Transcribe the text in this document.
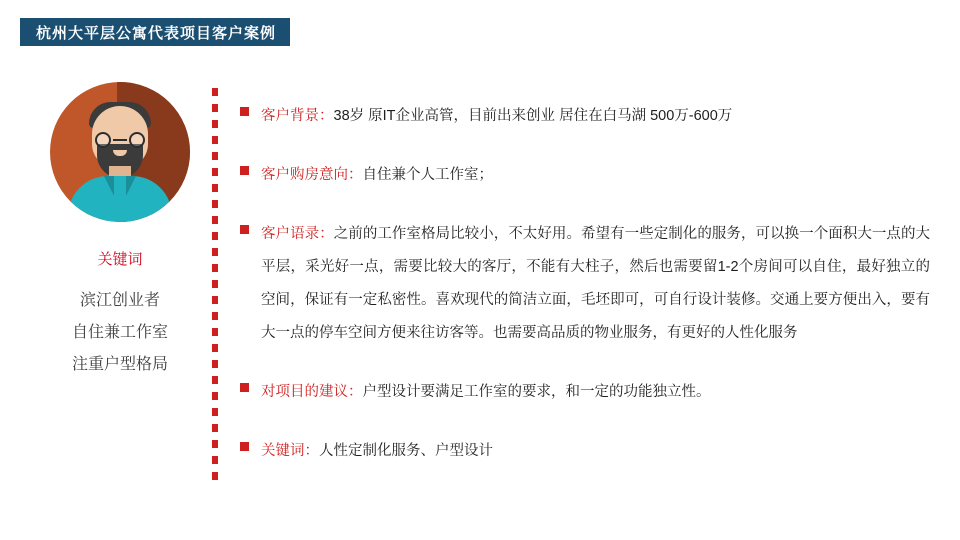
杭州大平层公寓代表项目客户案例
关键词
滨江创业者
自住兼工作室
注重户型格局
客户背景：38岁 原IT企业高管，目前出来创业 居住在白马湖 500万-600万
客户购房意向：自住兼个人工作室；
客户语录：之前的工作室格局比较小，不太好用。希望有一些定制化的服务，可以换一个面积大一点的大平层，采光好一点，需要比较大的客厅，不能有大柱子，然后也需要留1-2个房间可以自住，最好独立的空间，保证有一定私密性。喜欢现代的简洁立面，毛坯即可，可自行设计装修。交通上要方便出入，要有大一点的停车空间方便来往访客等。也需要高品质的物业服务，有更好的人性化服务
对项目的建议：户型设计要满足工作室的要求，和一定的功能独立性。
关键词：人性定制化服务、户型设计
